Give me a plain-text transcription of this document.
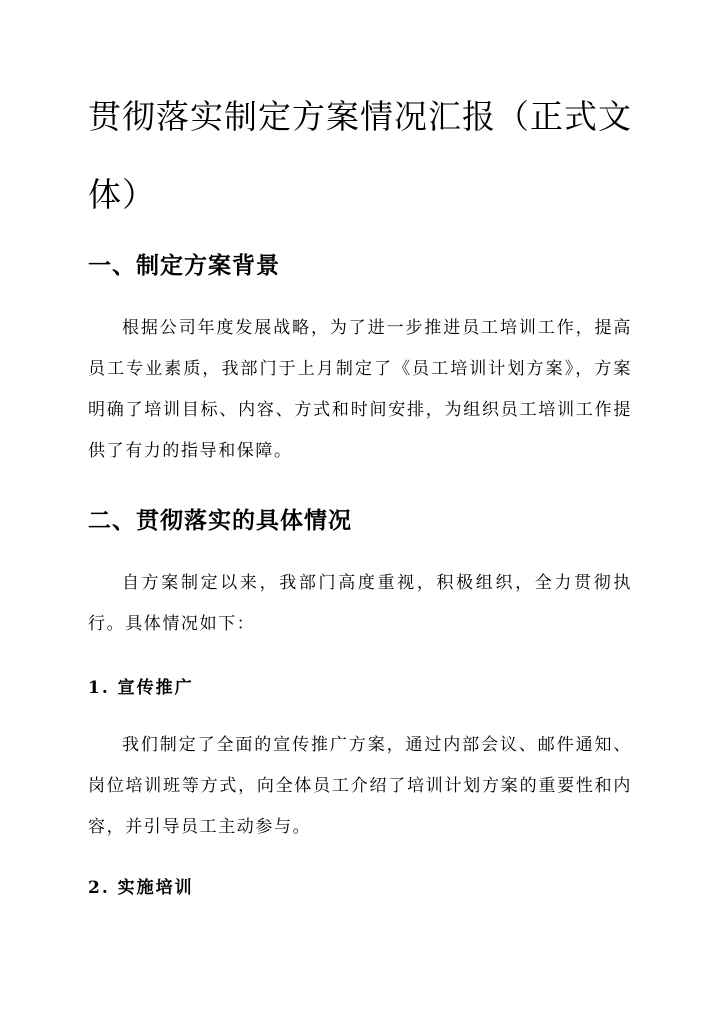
贯彻落实制定方案情况汇报（正式文体）
一、制定方案背景

根据公司年度发展战略，为了进一步推进员工培训工作，提高员工专业素质，我部门于上月制定了《员工培训计划方案》，方案明确了培训目标、内容、方式和时间安排，为组织员工培训工作提供了有力的指导和保障。

二、贯彻落实的具体情况

自方案制定以来，我部门高度重视，积极组织，全力贯彻执行。具体情况如下：

1. 宣传推广

我们制定了全面的宣传推广方案，通过内部会议、邮件通知、岗位培训班等方式，向全体员工介绍了培训计划方案的重要性和内容，并引导员工主动参与。

2. 实施培训
